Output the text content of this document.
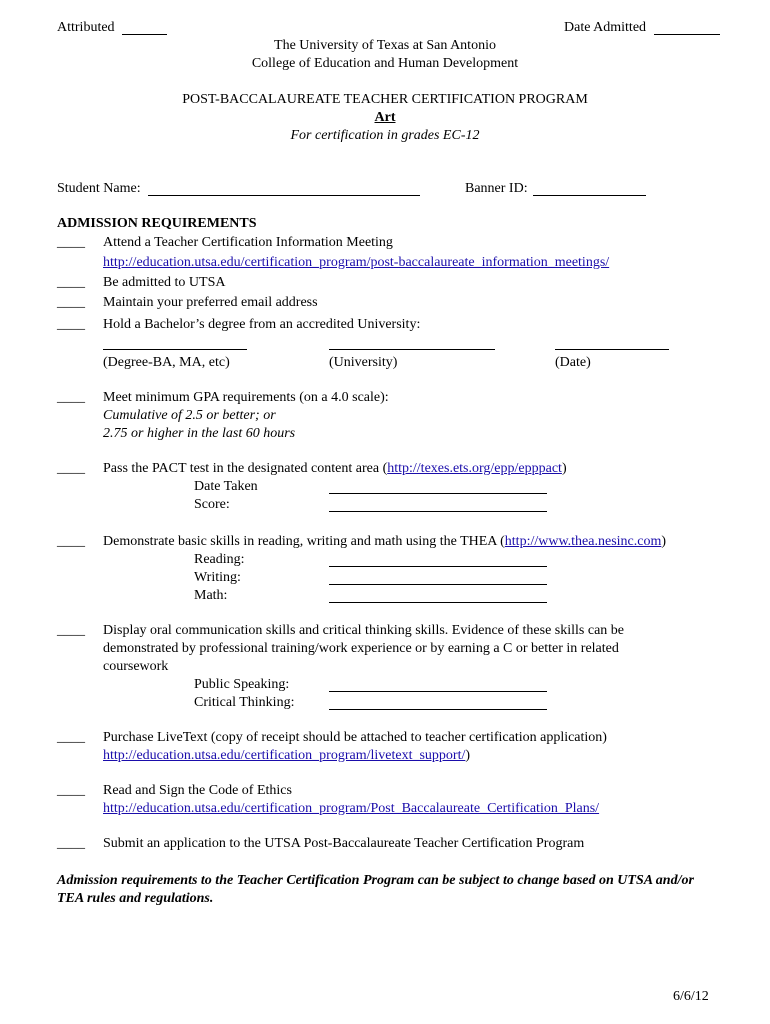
Attributed	Date Admitted
The University of Texas at San Antonio
College of Education and Human Development
POST-BACCALAUREATE TEACHER CERTIFICATION PROGRAM
Art
For certification in grades EC-12
Student Name:	Banner ID:
ADMISSION REQUIREMENTS
____ Attend a Teacher Certification Information Meeting
http://education.utsa.edu/certification_program/post-baccalaureate_information_meetings/
____ Be admitted to UTSA
____ Maintain your preferred email address
____ Hold a Bachelor’s degree from an accredited University:
(Degree-BA, MA, etc)	(University)	(Date)
____ Meet minimum GPA requirements (on a 4.0 scale):
Cumulative of 2.5 or better; or
2.75 or higher in the last 60 hours
____ Pass the PACT test in the designated content area (http://texes.ets.org/epp/epppact)
Date Taken
Score:
____ Demonstrate basic skills in reading, writing and math using the THEA (http://www.thea.nesinc.com)
Reading:
Writing:
Math:
____ Display oral communication skills and critical thinking skills. Evidence of these skills can be demonstrated by professional training/work experience or by earning a C or better in related coursework
Public Speaking:
Critical Thinking:
____ Purchase LiveText (copy of receipt should be attached to teacher certification application)
http://education.utsa.edu/certification_program/livetext_support/)
____ Read and Sign the Code of Ethics
http://education.utsa.edu/certification_program/Post_Baccalaureate_Certification_Plans/
____ Submit an application to the UTSA Post-Baccalaureate Teacher Certification Program
Admission requirements to the Teacher Certification Program can be subject to change based on UTSA and/or TEA rules and regulations.
6/6/12
